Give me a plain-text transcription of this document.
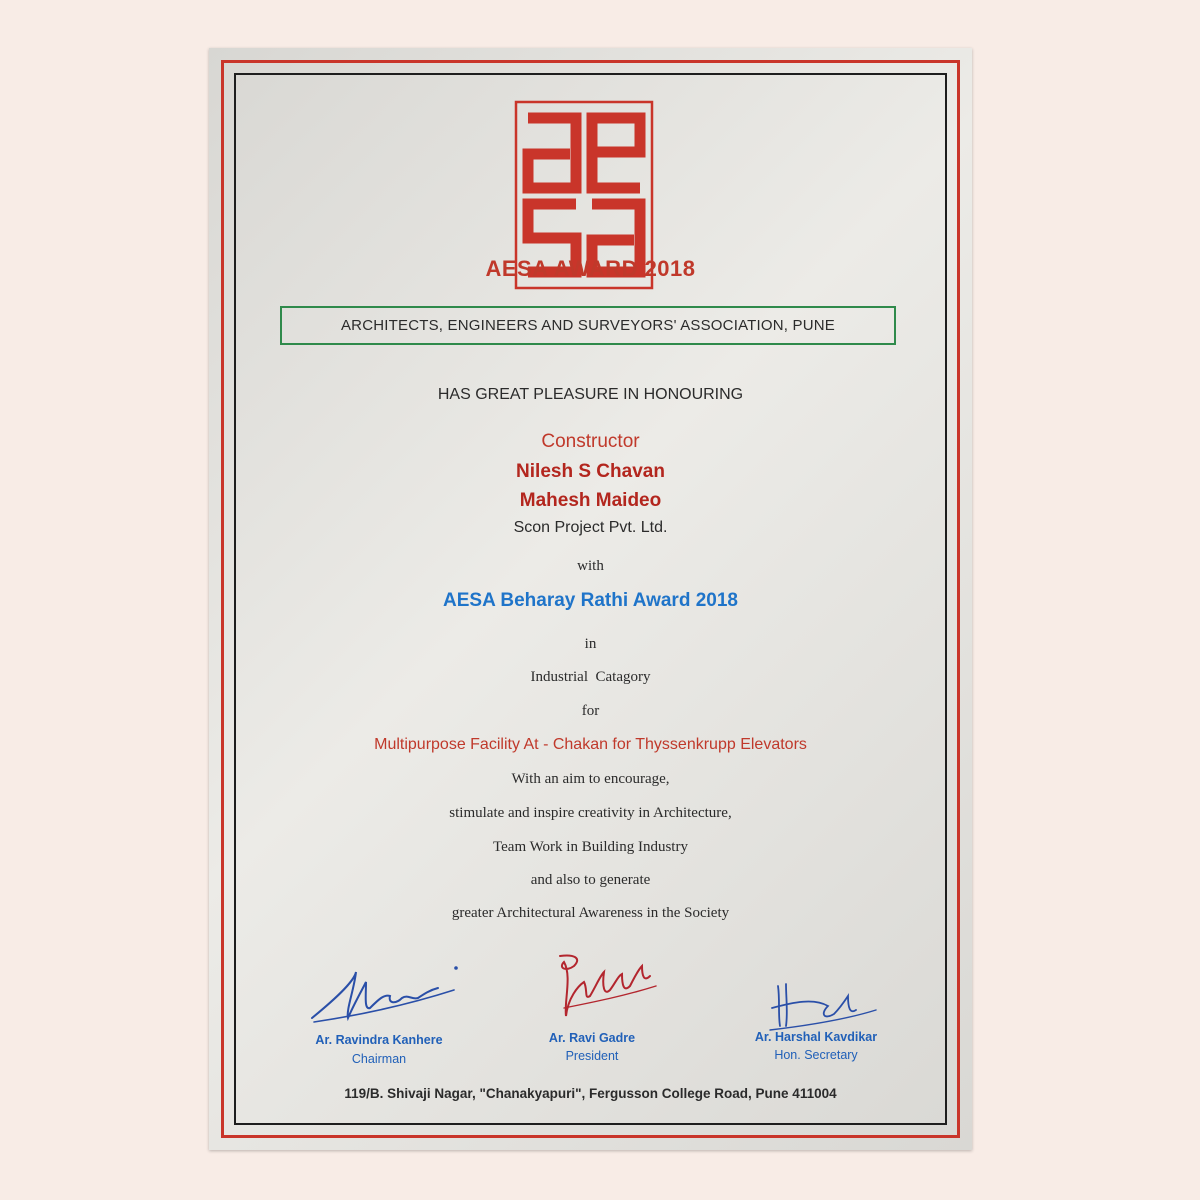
AESA AWARD 2018
ARCHITECTS, ENGINEERS AND SURVEYORS' ASSOCIATION, PUNE
HAS GREAT PLEASURE IN HONOURING
Constructor
Nilesh S Chavan
Mahesh Maideo
Scon Project Pvt. Ltd.
with
AESA Beharay Rathi Award 2018
in
Industrial  Catagory
for
Multipurpose Facility At - Chakan for Thyssenkrupp Elevators
With an aim to encourage,
stimulate and inspire creativity in Architecture,
Team Work in Building Industry
and also to generate
greater Architectural Awareness in the Society
Ar. Ravindra Kanhere
Chairman
Ar. Ravi Gadre
President
Ar. Harshal Kavdikar
Hon. Secretary
119/B. Shivaji Nagar, "Chanakyapuri", Fergusson College Road, Pune 411004
